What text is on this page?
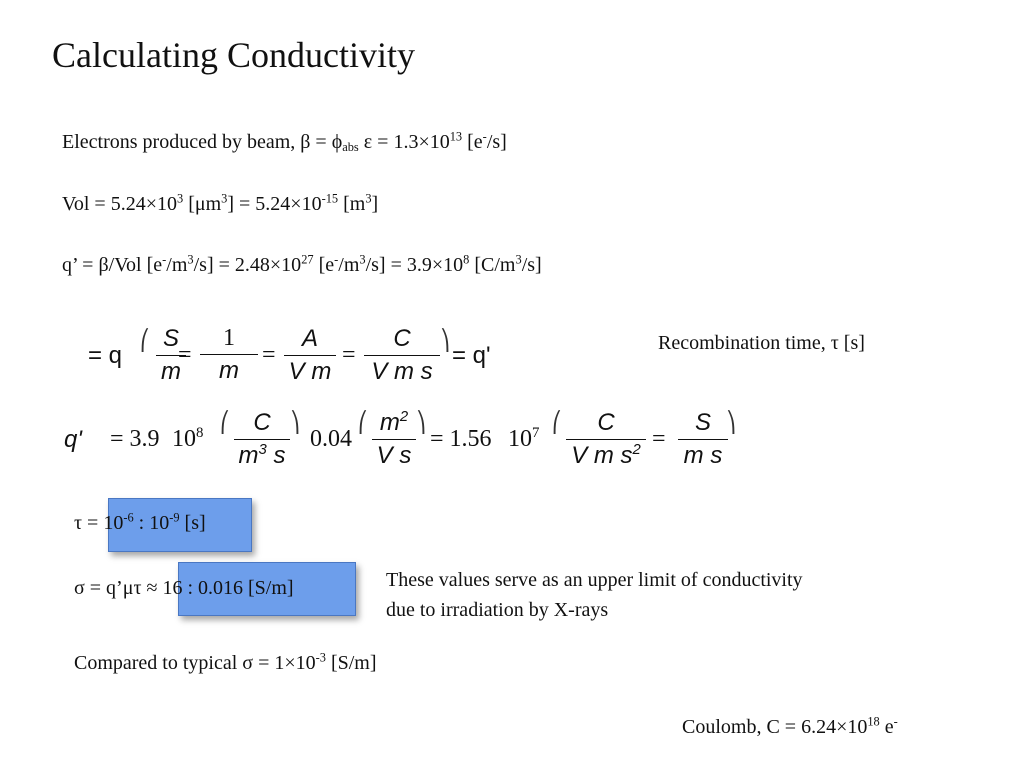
Calculating Conductivity
Electrons produced by beam, $\beta = \phi_{abs}$ $\varepsilon = 1.3\times 10^{13}$ [e-/s]
Vol = $5.24\times 10^3$ $[\mu m^3] = 5.24\times 10^{-15}$ $[m^3]$
q’ = β/Vol $[e^-/m^3/s] = 2.48\times 10^{27}$ $[e^-/m^3/s] = 3.9\times 10^8$ $[C/m^3/s]$
= q
⎛ S
m
=
1
m
=
A
V m
=
C
V m s
⎞
= q'	Recombination time, τ [s]
q' = 3.9 $10^8$ ⎛ C
$m^3$ s
⎞
0.04
⎛ $m^2$
V s
⎞
= 1.56 $10^7$ ⎛	C
V m $s^2$ =
S
m s
⎞
$\tau = 10^{-6}$ : $10^{-9}$ [s]
σ = q’μτ ≈ 16 : 0.016 [S/m]	These values serve as an upper limit of conductivity
due to irradiation by X-rays
Compared to typical $\sigma = 1\times 10^{-3}$ [S/m]
Coulomb, $C = 6.24\times 10^{18}$ e-
